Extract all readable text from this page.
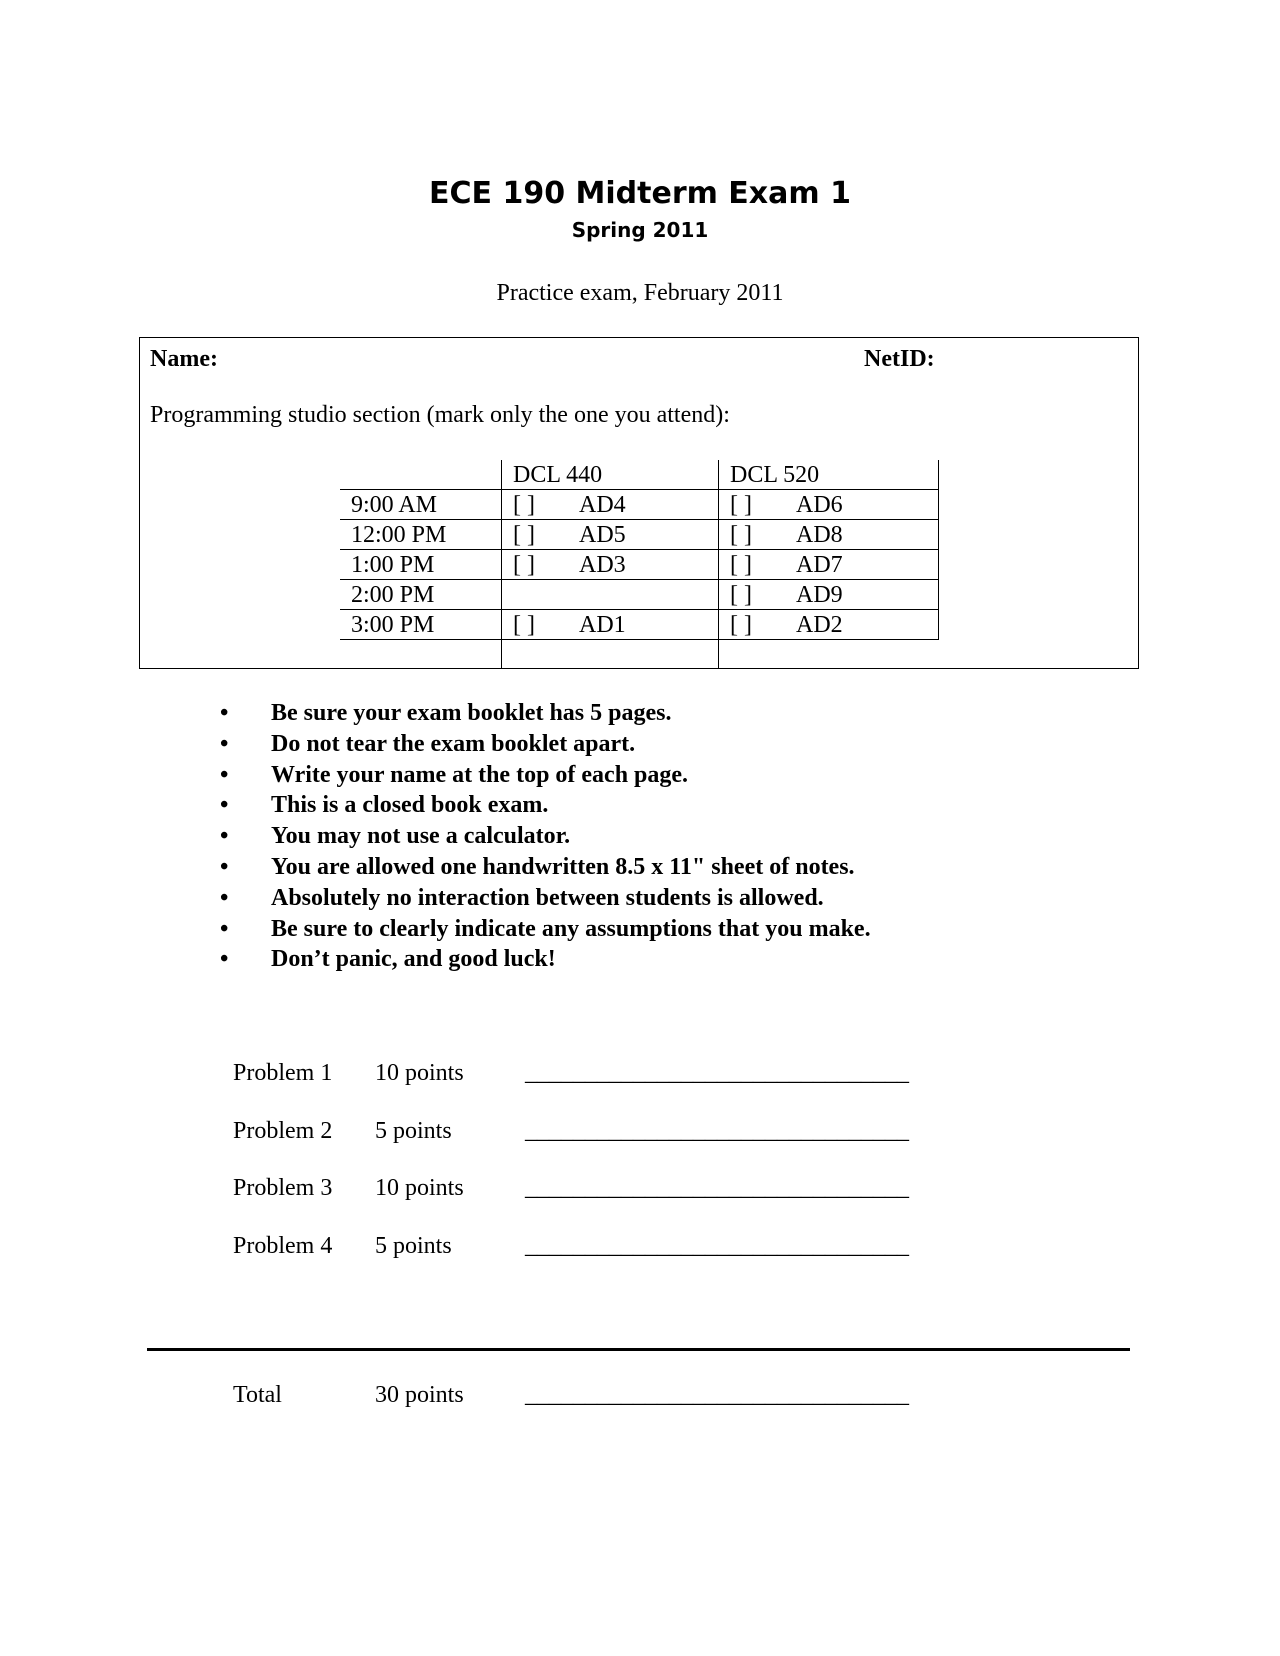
ECE 190 Midterm Exam 1
Spring 2011
Practice exam, February 2011
Name:	NetID:
Programming studio section (mark only the one you attend):
	DCL 440	DCL 520
9:00 AM	[ ] AD4	[ ] AD6
12:00 PM	[ ] AD5	[ ] AD8
1:00 PM	[ ] AD3	[ ] AD7
2:00 PM		[ ] AD9
3:00 PM	[ ] AD1	[ ] AD2

• Be sure your exam booklet has 5 pages.
• Do not tear the exam booklet apart.
• Write your name at the top of each page.
• This is a closed book exam.
• You may not use a calculator.
• You are allowed one handwritten 8.5 x 11" sheet of notes.
• Absolutely no interaction between students is allowed.
• Be sure to clearly indicate any assumptions that you make.
• Don’t panic, and good luck!
Problem 1 10 points	________________________________
Problem 2 5 points	________________________________
Problem 3 10 points	________________________________
Problem 4 5 points	________________________________
Total	30 points	________________________________
